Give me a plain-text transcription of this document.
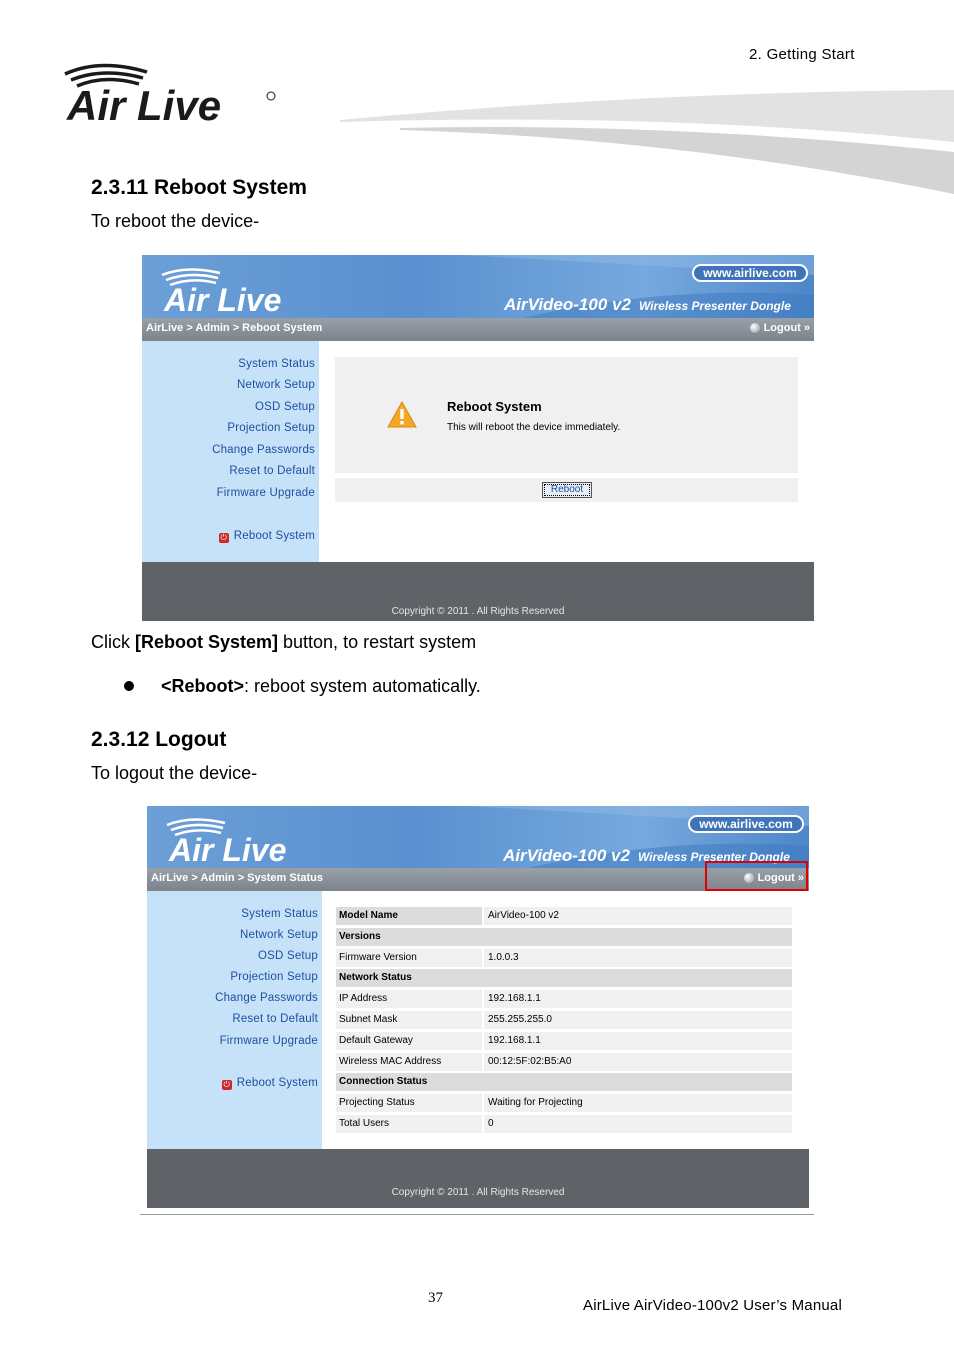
2. Getting Start
Air Live
2.3.11 Reboot System
To reboot the device-
Air Live
www.airlive.com
AirVideo-100 v2 Wireless Presenter Dongle
AirLive > Admin > Reboot System	Logout »
System Status
Network Setup
OSD Setup
Projection Setup
Change Passwords
Reset to Default
Firmware Upgrade
⏻ Reboot System
Reboot System
This will reboot the device immediately.
Reboot
Copyright © 2011 . All Rights Reserved
Click [Reboot System] button, to restart system
<Reboot>: reboot system automatically.
2.3.12 Logout
To logout the device-
Air Live
www.airlive.com
AirVideo-100 v2 Wireless Presenter Dongle
AirLive > Admin > System Status	Logout »
System Status
Network Setup
OSD Setup
Projection Setup
Change Passwords
Reset to Default
Firmware Upgrade
⏻ Reboot System
Model Name	AirVideo-100 v2
Versions
Firmware Version	1.0.0.3
Network Status
IP Address	192.168.1.1
Subnet Mask	255.255.255.0
Default Gateway	192.168.1.1
Wireless MAC Address	00:12:5F:02:B5:A0
Connection Status
Projecting Status	Waiting for Projecting
Total Users	0
Copyright © 2011 . All Rights Reserved
37	AirLive AirVideo-100v2 User’s Manual
